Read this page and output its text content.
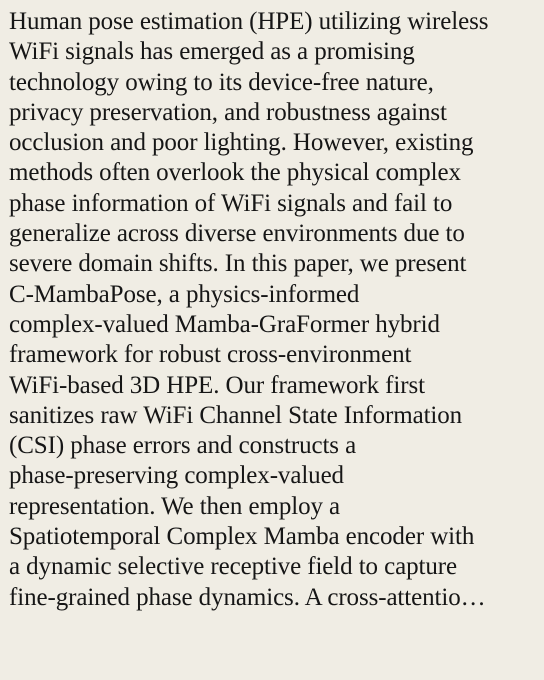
Human pose estimation (HPE) utilizing wireless
WiFi signals has emerged as a promising
technology owing to its device-free nature,
privacy preservation, and robustness against
occlusion and poor lighting. However, existing
methods often overlook the physical complex
phase information of WiFi signals and fail to
generalize across diverse environments due to
severe domain shifts. In this paper, we present
C-MambaPose, a physics-informed
complex-valued Mamba-GraFormer hybrid
framework for robust cross-environment
WiFi-based 3D HPE. Our framework first
sanitizes raw WiFi Channel State Information
(CSI) phase errors and constructs a
phase-preserving complex-valued
representation. We then employ a
Spatiotemporal Complex Mamba encoder with
a dynamic selective receptive field to capture
fine-grained phase dynamics. A cross-attentio…
